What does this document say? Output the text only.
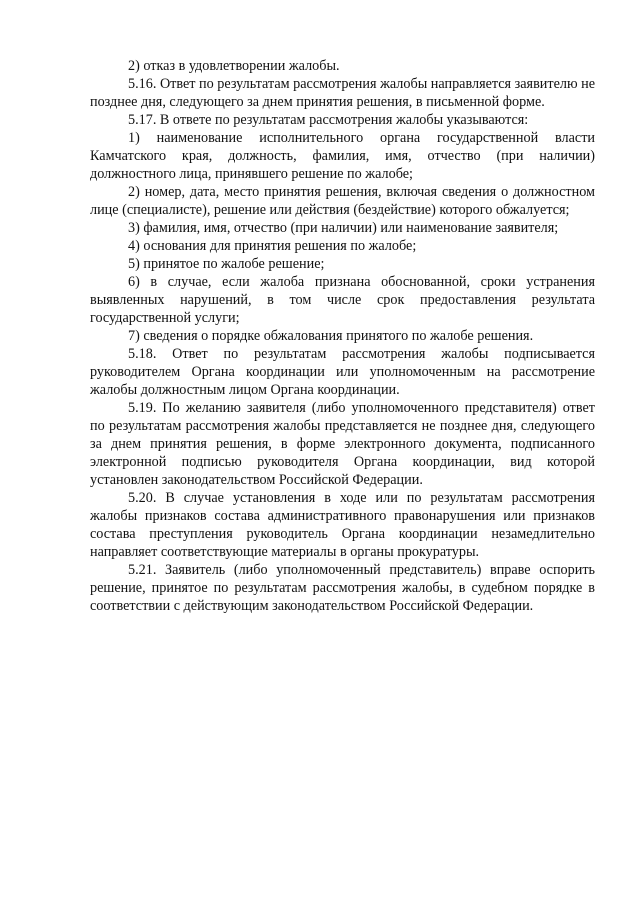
2) отказ в удовлетворении жалобы.

5.16. Ответ по результатам рассмотрения жалобы направляется заявителю не позднее дня, следующего за днем принятия решения, в письменной форме.

5.17. В ответе по результатам рассмотрения жалобы указываются:

1) наименование исполнительного органа государственной власти Камчатского края, должность, фамилия, имя, отчество (при наличии) должностного лица, принявшего решение по жалобе;

2) номер, дата, место принятия решения, включая сведения о должностном лице (специалисте), решение или действия (бездействие) которого обжалуется;

3) фамилия, имя, отчество (при наличии) или наименование заявителя;

4) основания для принятия решения по жалобе;

5) принятое по жалобе решение;

6) в случае, если жалоба признана обоснованной, сроки устранения выявленных нарушений, в том числе срок предоставления результата государственной услуги;

7) сведения о порядке обжалования принятого по жалобе решения.

5.18. Ответ по результатам рассмотрения жалобы подписывается руководителем Органа координации или уполномоченным на рассмотрение жалобы должностным лицом Органа координации.

5.19. По желанию заявителя (либо уполномоченного представителя) ответ по результатам рассмотрения жалобы представляется не позднее дня, следующего за днем принятия решения, в форме электронного документа, подписанного электронной подписью руководителя Органа координации, вид которой установлен законодательством Российской Федерации.

5.20. В случае установления в ходе или по результатам рассмотрения жалобы признаков состава административного правонарушения или признаков состава преступления руководитель Органа координации незамедлительно направляет соответствующие материалы в органы прокуратуры.

5.21. Заявитель (либо уполномоченный представитель) вправе оспорить решение, принятое по результатам рассмотрения жалобы, в судебном порядке в соответствии с действующим законодательством Российской Федерации.
